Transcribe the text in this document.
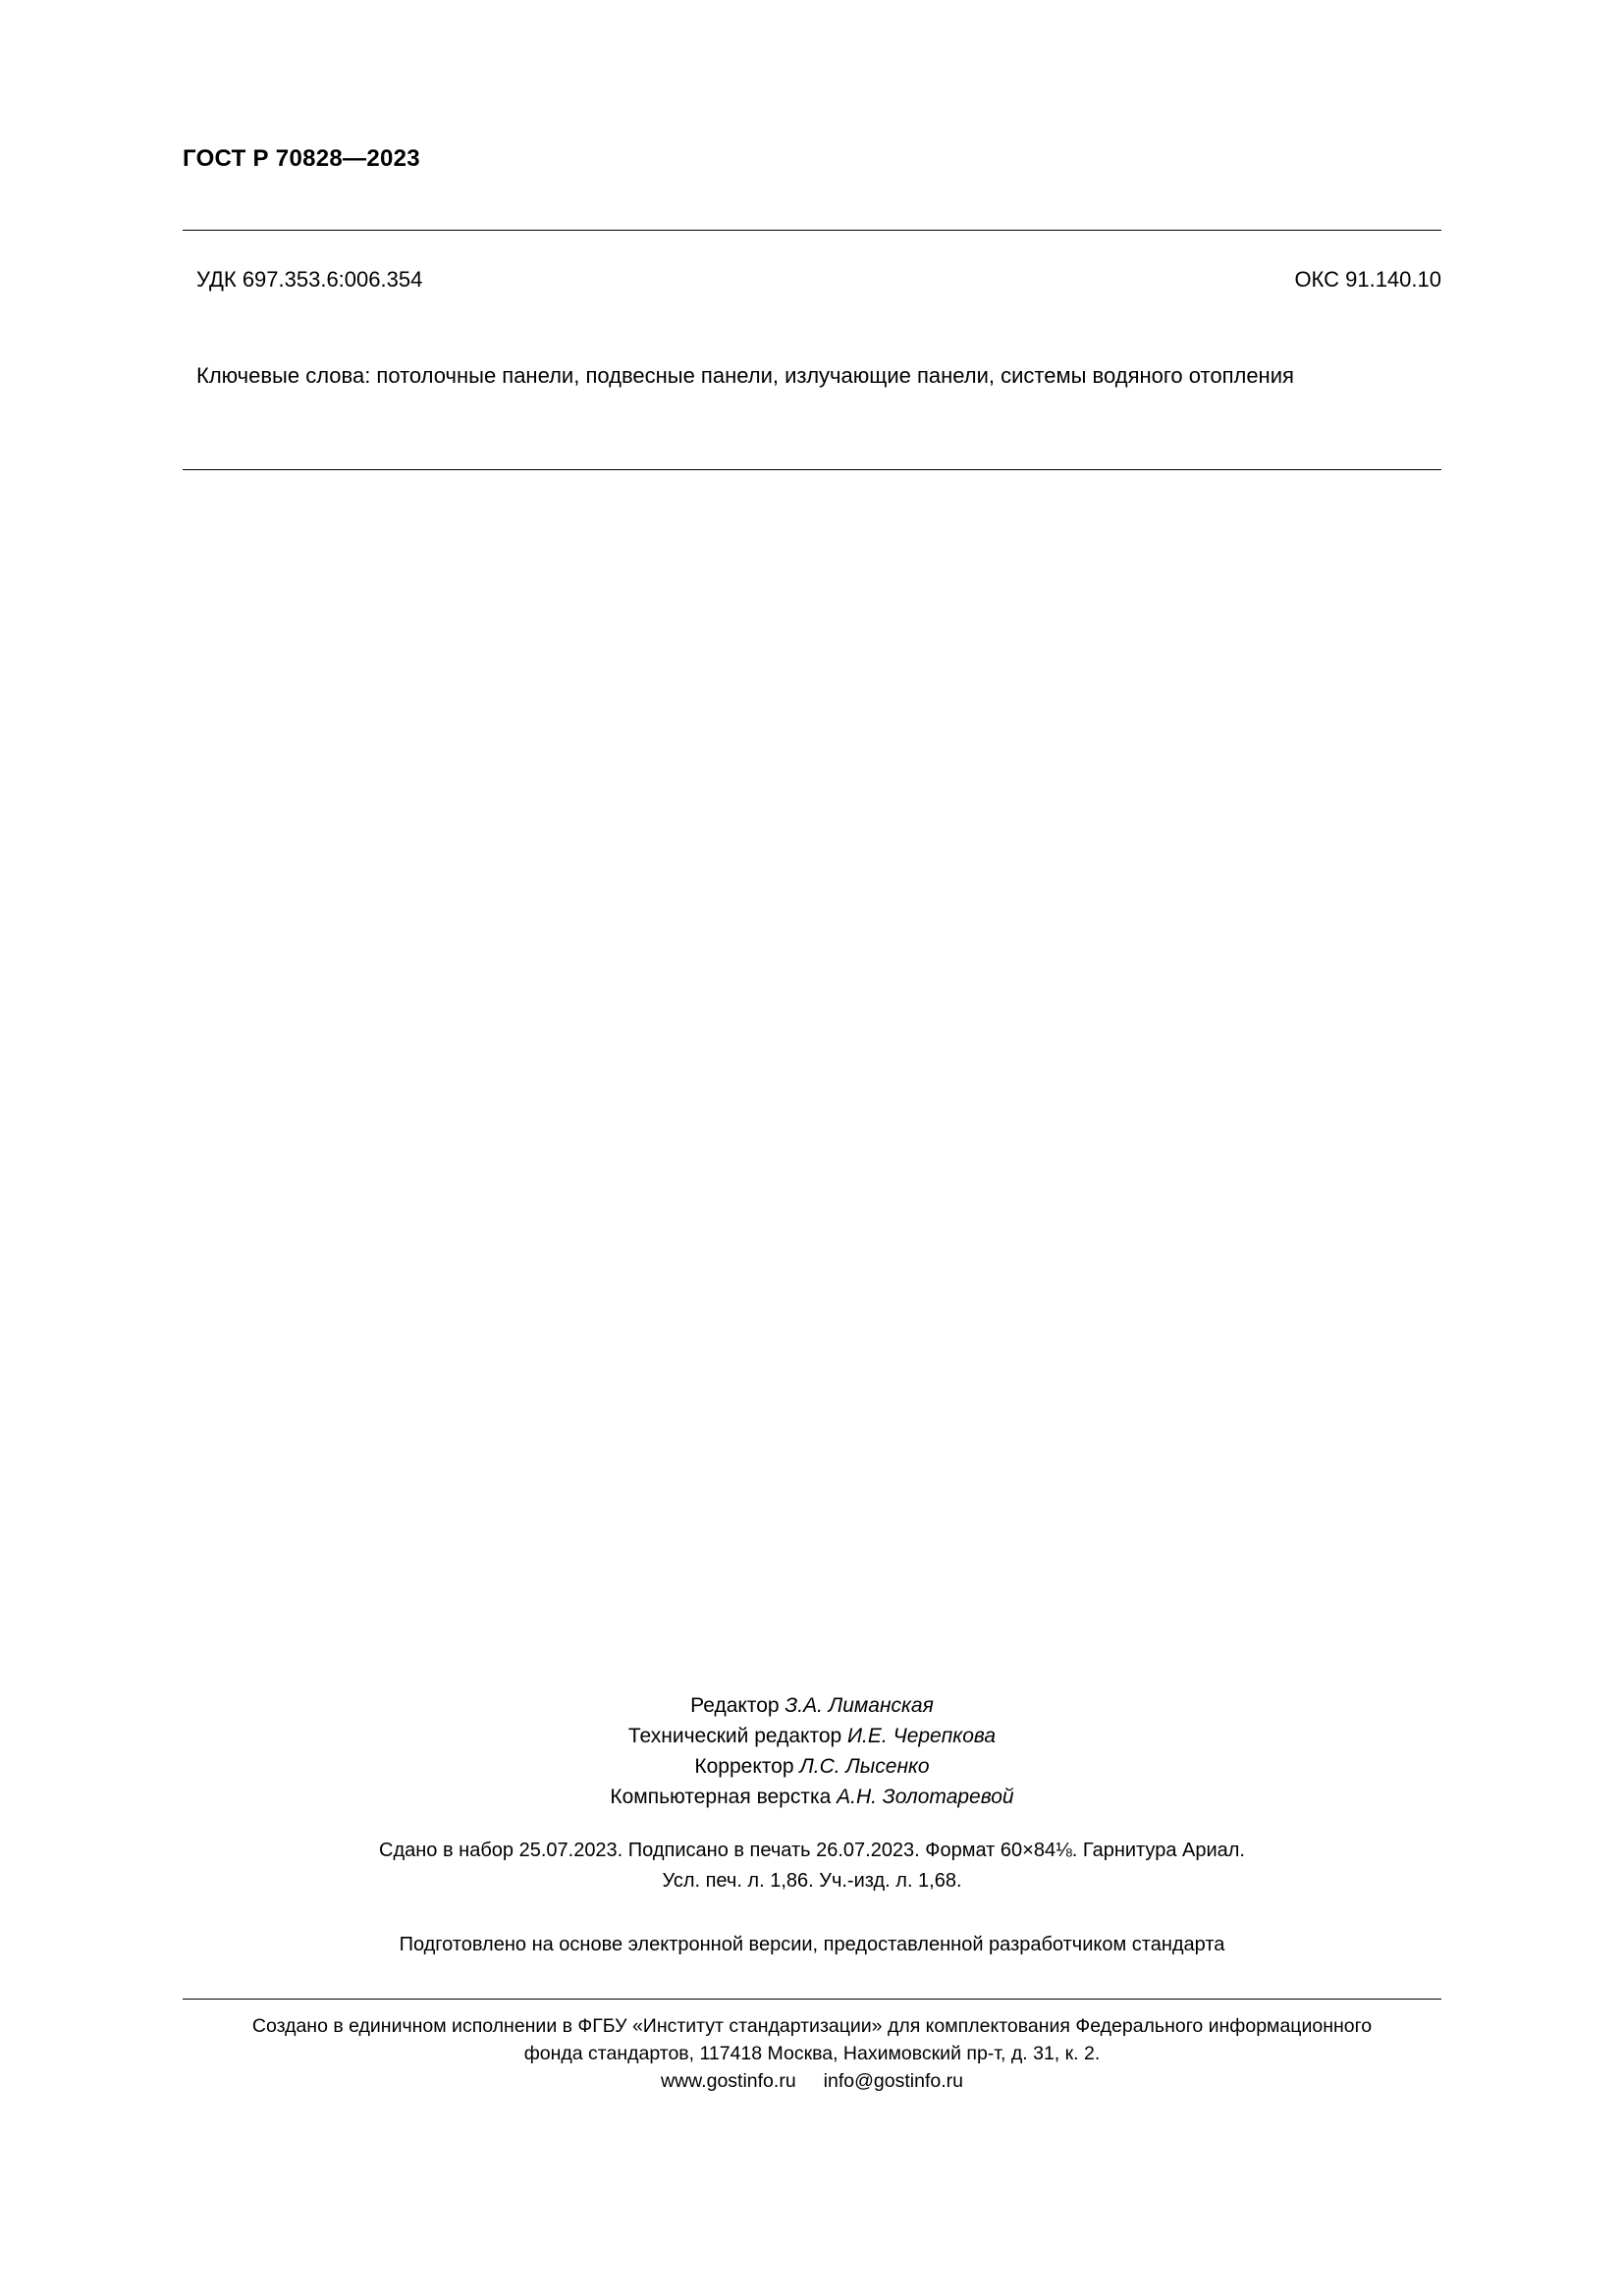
ГОСТ Р 70828—2023
УДК 697.353.6:006.354	ОКС 91.140.10
Ключевые слова: потолочные панели, подвесные панели, излучающие панели, системы водяного отопления
Редактор З.А. Лиманская
Технический редактор И.Е. Черепкова
Корректор Л.С. Лысенко
Компьютерная верстка А.Н. Золотаревой
Сдано в набор 25.07.2023. Подписано в печать 26.07.2023. Формат 60×84⅛. Гарнитура Ариал.
Усл. печ. л. 1,86. Уч.-изд. л. 1,68.
Подготовлено на основе электронной версии, предоставленной разработчиком стандарта
Создано в единичном исполнении в ФГБУ «Институт стандартизации» для комплектования Федерального информационного
фонда стандартов, 117418 Москва, Нахимовский пр-т, д. 31, к. 2.
www.gostinfo.ru info@gostinfo.ru
